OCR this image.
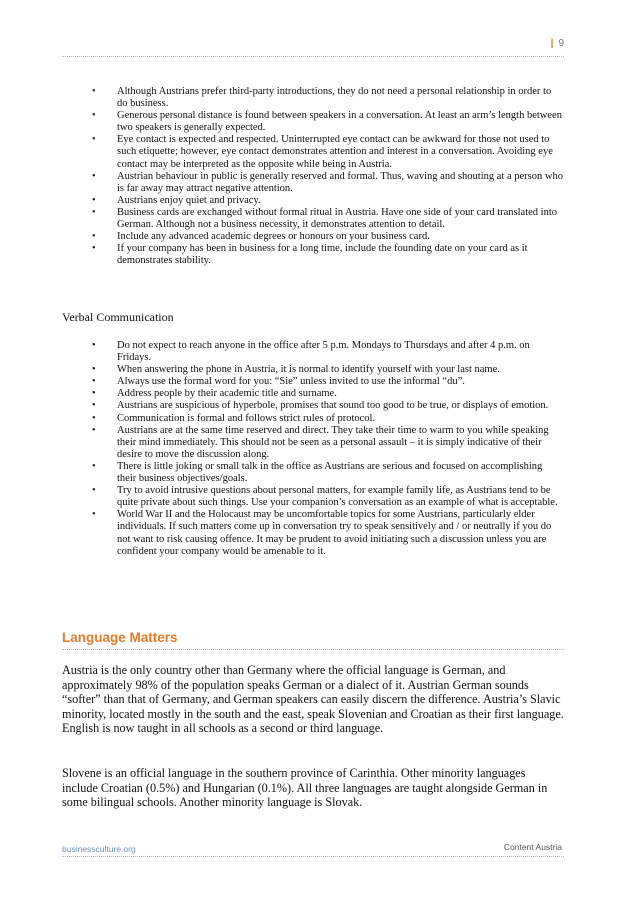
| 9
• Although Austrians prefer third-party introductions, they do not need a personal relationship in order to do business.
• Generous personal distance is found between speakers in a conversation. At least an arm’s length between two speakers is generally expected.
• Eye contact is expected and respected. Uninterrupted eye contact can be awkward for those not used to such etiquette; however, eye contact demonstrates attention and interest in a conversation. Avoiding eye contact may be interpreted as the opposite while being in Austria.
• Austrian behaviour in public is generally reserved and formal. Thus, waving and shouting at a person who is far away may attract negative attention.
• Austrians enjoy quiet and privacy.
• Business cards are exchanged without formal ritual in Austria. Have one side of your card translated into German. Although not a business necessity, it demonstrates attention to detail.
• Include any advanced academic degrees or honours on your business card.
• If your company has been in business for a long time, include the founding date on your card as it demonstrates stability.
Verbal Communication
• Do not expect to reach anyone in the office after 5 p.m. Mondays to Thursdays and after 4 p.m. on Fridays.
• When answering the phone in Austria, it is normal to identify yourself with your last name.
• Always use the formal word for you: “Sie” unless invited to use the informal “du”.
• Address people by their academic title and surname.
• Austrians are suspicious of hyperbole, promises that sound too good to be true, or displays of emotion.
• Communication is formal and follows strict rules of protocol.
• Austrians are at the same time reserved and direct. They take their time to warm to you while speaking their mind immediately. This should not be seen as a personal assault – it is simply indicative of their desire to move the discussion along.
• There is little joking or small talk in the office as Austrians are serious and focused on accomplishing their business objectives/goals.
• Try to avoid intrusive questions about personal matters, for example family life, as Austrians tend to be quite private about such things. Use your companion’s conversation as an example of what is acceptable.
• World War II and the Holocaust may be uncomfortable topics for some Austrians, particularly elder individuals. If such matters come up in conversation try to speak sensitively and / or neutrally if you do not want to risk causing offence. It may be prudent to avoid initiating such a discussion unless you are confident your company would be amenable to it.
Language Matters

Austria is the only country other than Germany where the official language is German, and approximately 98% of the population speaks German or a dialect of it. Austrian German sounds “softer” than that of Germany, and German speakers can easily discern the difference. Austria’s Slavic minority, located mostly in the south and the east, speak Slovenian and Croatian as their first language. English is now taught in all schools as a second or third language.

Slovene is an official language in the southern province of Carinthia. Other minority languages include Croatian (0.5%) and Hungarian (0.1%). All three languages are taught alongside German in some bilingual schools. Another minority language is Slovak.

businessculture.org	Content Austria
